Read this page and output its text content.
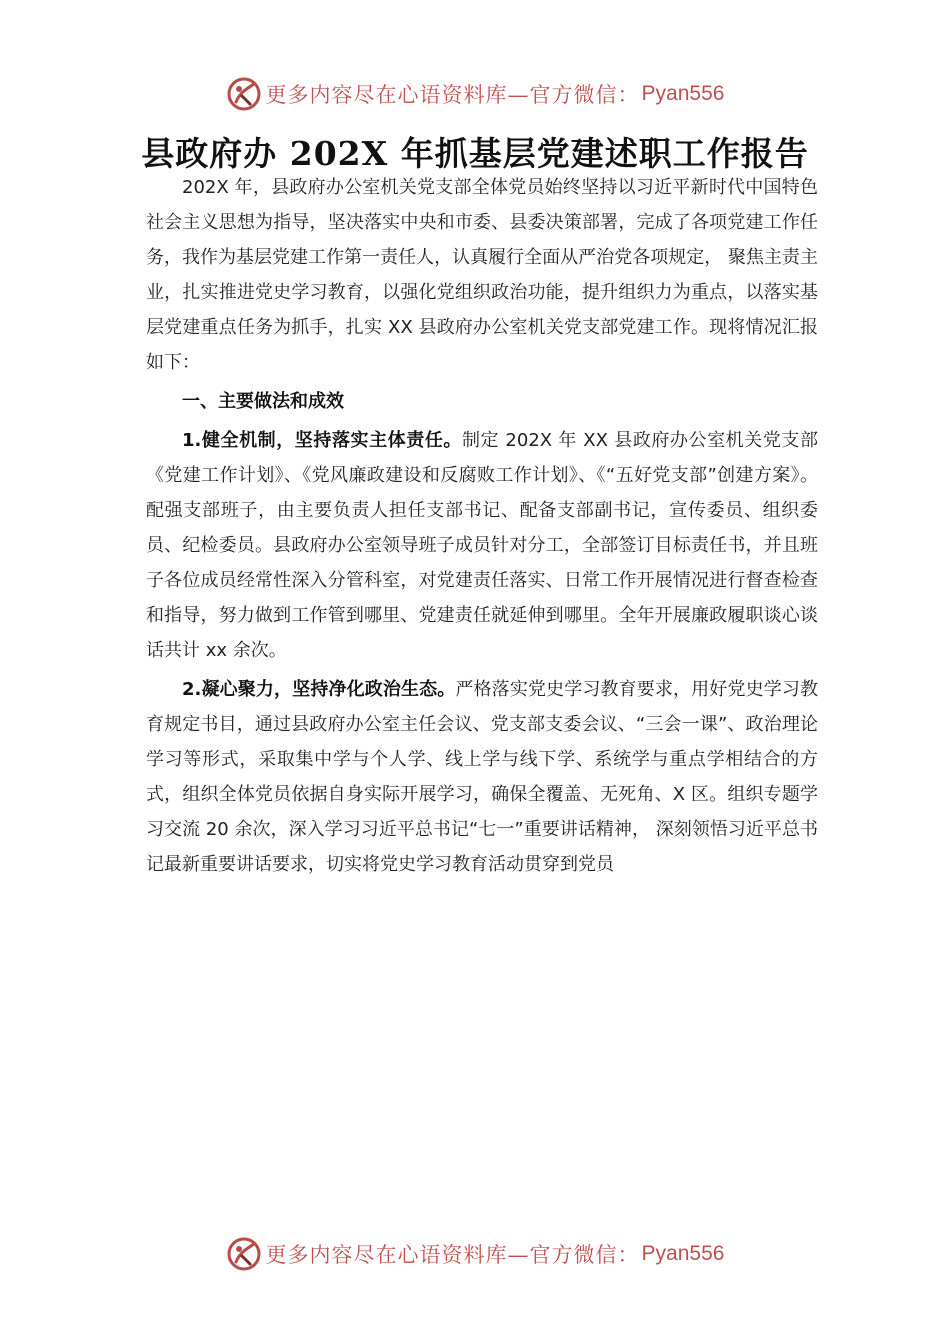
更多内容尽在心语资料库—官方微信： Pyan556
县政府办 202X 年抓基层党建述职工作报告

202X 年，县政府办公室机关党支部全体党员始终坚持以习近平新时代中国特色社会主义思想为指导，坚决落实中央和市委、县委决策部署，完成了各项党建工作任务，我作为基层党建工作第一责任人，认真履行全面从严治党各项规定， 聚焦主责主业，扎实推进党史学习教育，以强化党组织政治功能，提升组织力为重点，以落实基层党建重点任务为抓手，扎实 XX 县政府办公室机关党支部党建工作。现将情况汇报如下：

一、主要做法和成效

1.健全机制，坚持落实主体责任。制定 202X 年 XX 县政府办公室机关党支部《党建工作计划》、《党风廉政建设和反腐败工作计划》、《“五好党支部”创建方案》。配强支部班子，由主要负责人担任支部书记、配备支部副书记，宣传委员、组织委员、纪检委员。县政府办公室领导班子成员针对分工，全部签订目标责任书，并且班子各位成员经常性深入分管科室，对党建责任落实、日常工作开展情况进行督查检查和指导，努力做到工作管到哪里、党建责任就延伸到哪里。全年开展廉政履职谈心谈话共计 xx 余次。

2.凝心聚力，坚持净化政治生态。严格落实党史学习教育要求，用好党史学习教育规定书目，通过县政府办公室主任会议、党支部支委会议、“三会一课”、政治理论学习等形式，采取集中学与个人学、线上学与线下学、系统学与重点学相结合的方式，组织全体党员依据自身实际开展学习，确保全覆盖、无死角、X 区。组织专题学习交流 20 余次，深入学习习近平总书记“七一”重要讲话精神， 深刻领悟习近平总书记最新重要讲话要求，切实将党史学习教育活动贯穿到党员

更多内容尽在心语资料库—官方微信： Pyan556
